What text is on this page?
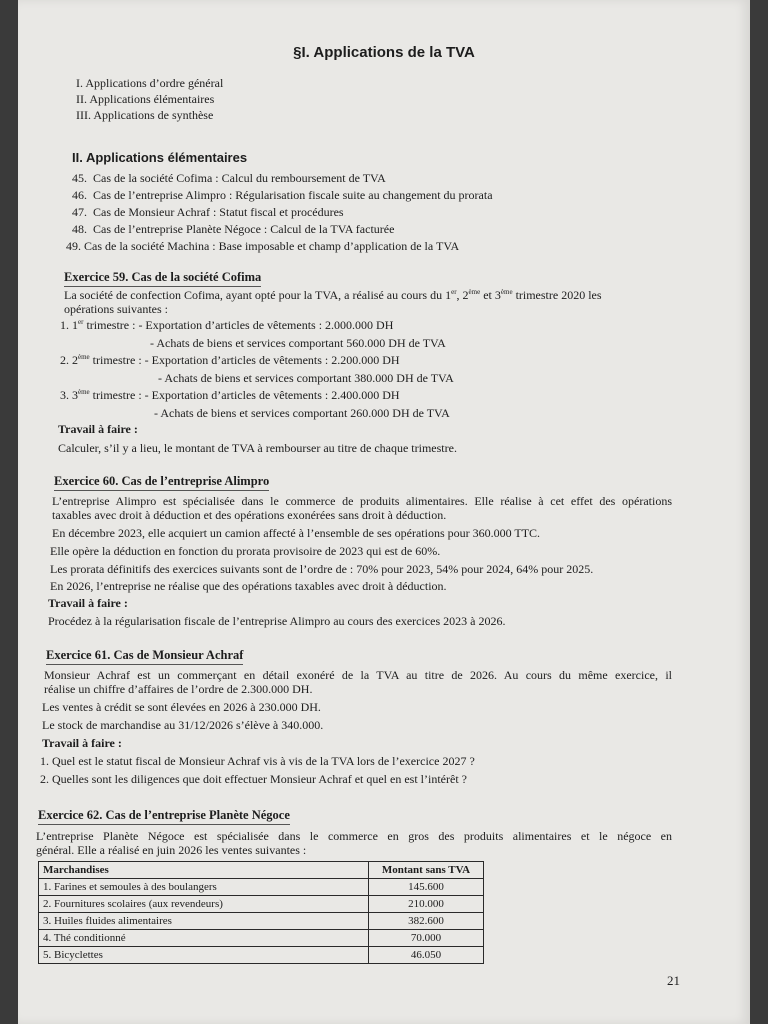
§I. Applications de la TVA
I. Applications d’ordre général
II. Applications élémentaires
III. Applications de synthèse
II. Applications élémentaires
45. Cas de la société Cofima : Calcul du remboursement de TVA
46. Cas de l’entreprise Alimpro : Régularisation fiscale suite au changement du prorata
47. Cas de Monsieur Achraf : Statut fiscal et procédures
48. Cas de l’entreprise Planète Négoce : Calcul de la TVA facturée
49. Cas de la société Machina : Base imposable et champ d’application de la TVA
Exercice 59. Cas de la société Cofima
La société de confection Cofima, ayant opté pour la TVA, a réalisé au cours du 1er, 2ème et 3ème trimestre 2020 les
opérations suivantes :
1. 1er trimestre : - Exportation d’articles de vêtements : 2.000.000 DH
- Achats de biens et services comportant 560.000 DH de TVA
2. 2ème trimestre : - Exportation d’articles de vêtements : 2.200.000 DH
- Achats de biens et services comportant 380.000 DH de TVA
3. 3ème trimestre : - Exportation d’articles de vêtements : 2.400.000 DH
- Achats de biens et services comportant 260.000 DH de TVA
Travail à faire :
Calculer, s’il y a lieu, le montant de TVA à rembourser au titre de chaque trimestre.
Exercice 60. Cas de l’entreprise Alimpro
L’entreprise Alimpro est spécialisée dans le commerce de produits alimentaires. Elle réalise à cet effet des opérations
taxables avec droit à déduction et des opérations exonérées sans droit à déduction.
En décembre 2023, elle acquiert un camion affecté à l’ensemble de ses opérations pour 360.000 TTC.
Elle opère la déduction en fonction du prorata provisoire de 2023 qui est de 60%.
Les prorata définitifs des exercices suivants sont de l’ordre de : 70% pour 2023, 54% pour 2024, 64% pour 2025.
En 2026, l’entreprise ne réalise que des opérations taxables avec droit à déduction.
Travail à faire :
Procédez à la régularisation fiscale de l’entreprise Alimpro au cours des exercices 2023 à 2026.
Exercice 61. Cas de Monsieur Achraf
Monsieur Achraf est un commerçant en détail exonéré de la TVA au titre de 2026. Au cours du même exercice, il
réalise un chiffre d’affaires de l’ordre de 2.300.000 DH.
Les ventes à crédit se sont élevées en 2026 à 230.000 DH.
Le stock de marchandise au 31/12/2026 s’élève à 340.000.
Travail à faire :
1. Quel est le statut fiscal de Monsieur Achraf vis à vis de la TVA lors de l’exercice 2027 ?
2. Quelles sont les diligences que doit effectuer Monsieur Achraf et quel en est l’intérêt ?
Exercice 62. Cas de l’entreprise Planète Négoce
L’entreprise Planète Négoce est spécialisée dans le commerce en gros des produits alimentaires et le négoce en
général. Elle a réalisé en juin 2026 les ventes suivantes :
Marchandises	Montant sans TVA
1. Farines et semoules à des boulangers	145.600
2. Fournitures scolaires (aux revendeurs)	210.000
3. Huiles fluides alimentaires	382.600
4. Thé conditionné	70.000
5. Bicyclettes	46.050
21
